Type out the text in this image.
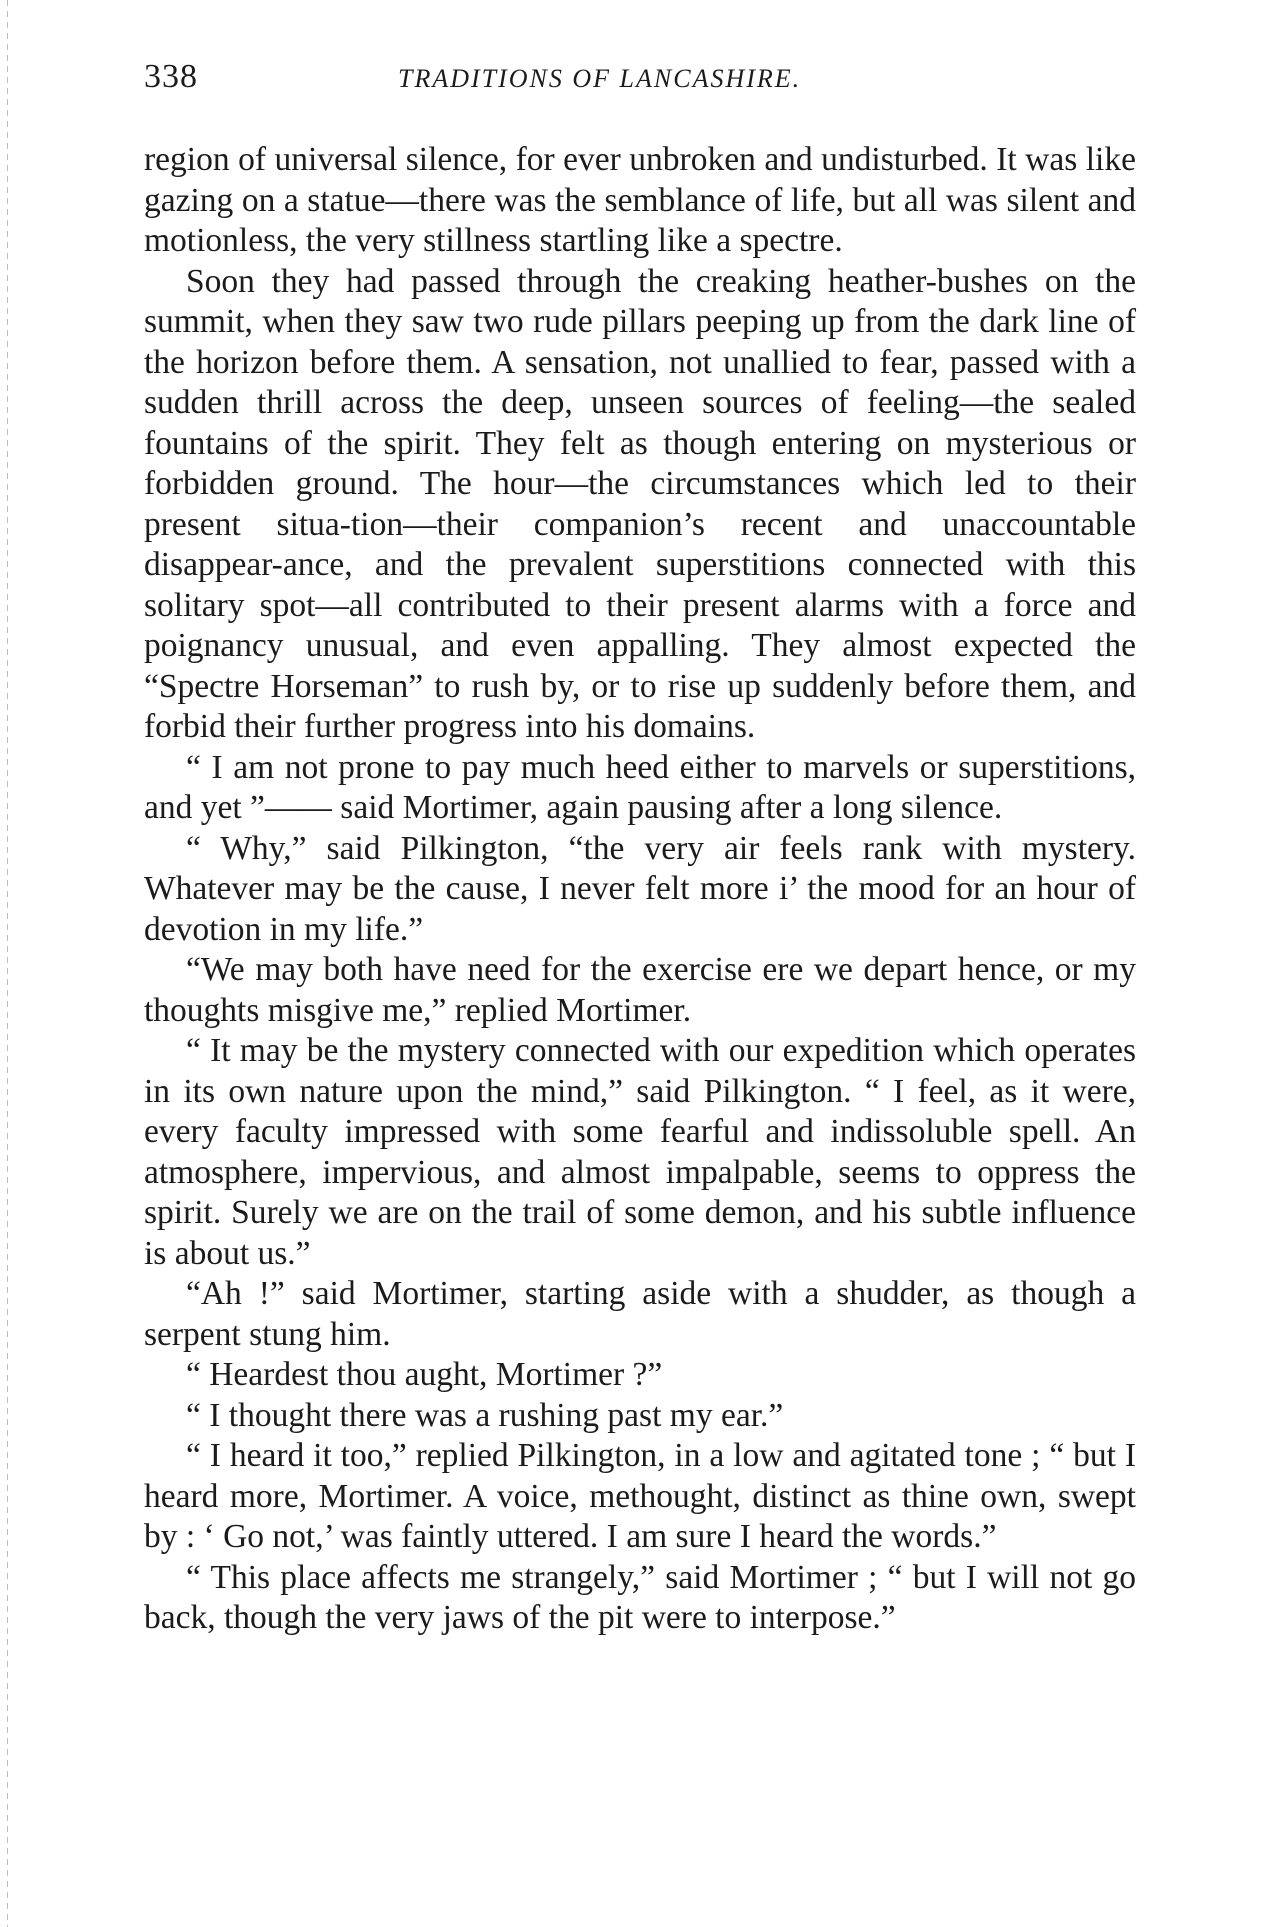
338	TRADITIONS OF LANCASHIRE.

region of universal silence, for ever unbroken and undisturbed. It was like gazing on a statue—there was the semblance of life, but all was silent and motionless, the very stillness startling like a spectre.

Soon they had passed through the creaking heather-bushes on the summit, when they saw two rude pillars peeping up from the dark line of the horizon before them. A sensation, not unallied to fear, passed with a sudden thrill across the deep, unseen sources of feeling—the sealed fountains of the spirit. They felt as though entering on mysterious or forbidden ground. The hour—the circumstances which led to their present situa-tion—their companion’s recent and unaccountable disappear-ance, and the prevalent superstitions connected with this solitary spot—all contributed to their present alarms with a force and poignancy unusual, and even appalling. They almost expected the “Spectre Horseman” to rush by, or to rise up suddenly before them, and forbid their further progress into his domains.

“ I am not prone to pay much heed either to marvels or superstitions, and yet ”—— said Mortimer, again pausing after a long silence.

“ Why,” said Pilkington, “the very air feels rank with mystery. Whatever may be the cause, I never felt more i’ the mood for an hour of devotion in my life.”

“We may both have need for the exercise ere we depart hence, or my thoughts misgive me,” replied Mortimer.

“ It may be the mystery connected with our expedition which operates in its own nature upon the mind,” said Pilkington. “ I feel, as it were, every faculty impressed with some fearful and indissoluble spell. An atmosphere, impervious, and almost impalpable, seems to oppress the spirit. Surely we are on the trail of some demon, and his subtle influence is about us.”

“Ah !” said Mortimer, starting aside with a shudder, as though a serpent stung him.

“ Heardest thou aught, Mortimer ?”

“ I thought there was a rushing past my ear.”

“ I heard it too,” replied Pilkington, in a low and agitated tone ; “ but I heard more, Mortimer. A voice, methought, distinct as thine own, swept by : ‘ Go not,’ was faintly uttered. I am sure I heard the words.”

“ This place affects me strangely,” said Mortimer ; “ but I will not go back, though the very jaws of the pit were to interpose.”
